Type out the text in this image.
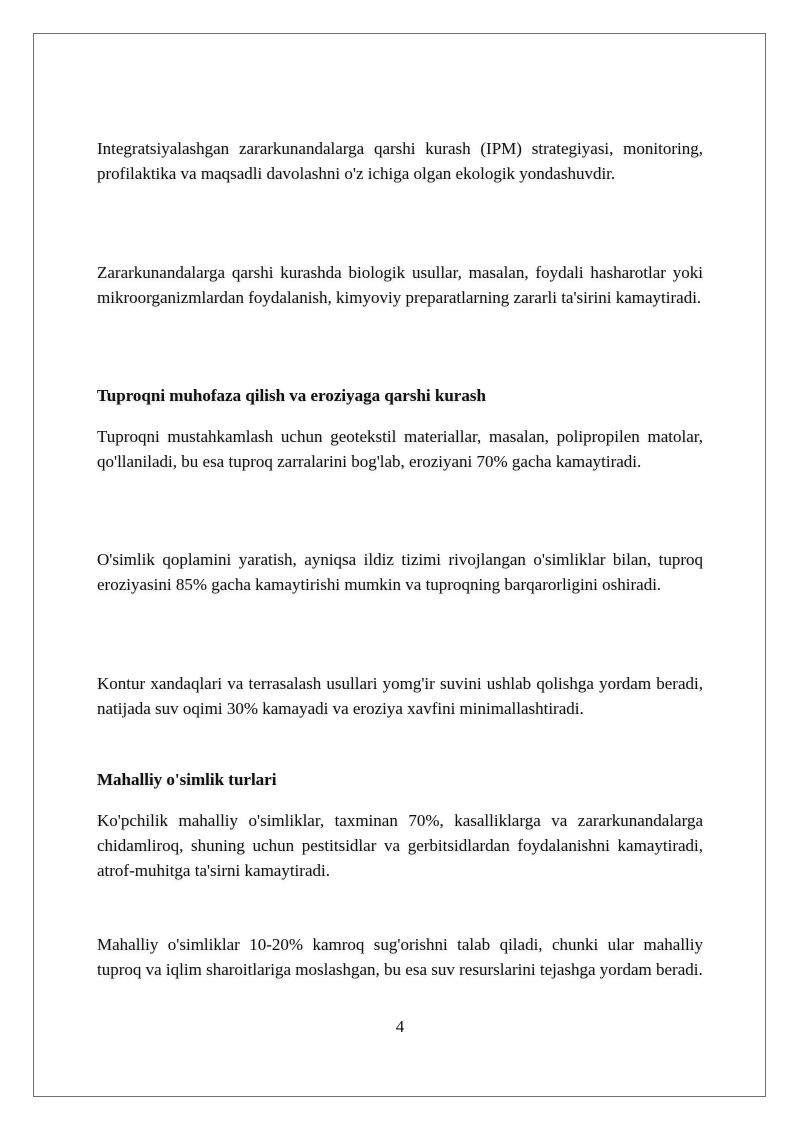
Integratsiyalashgan zararkunandalarga qarshi kurash (IPM) strategiyasi, monitoring, profilaktika va maqsadli davolashni o'z ichiga olgan ekologik yondashuvdir.

Zararkunandalarga qarshi kurashda biologik usullar, masalan, foydali hasharotlar yoki mikroorganizmlardan foydalanish, kimyoviy preparatlarning zararli ta'sirini kamaytiradi.

Tuproqni muhofaza qilish va eroziyaga qarshi kurash

Tuproqni mustahkamlash uchun geotekstil materiallar, masalan, polipropilen matolar, qo'llaniladi, bu esa tuproq zarralarini bog'lab, eroziyani 70% gacha kamaytiradi.

O'simlik qoplamini yaratish, ayniqsa ildiz tizimi rivojlangan o'simliklar bilan, tuproq eroziyasini 85% gacha kamaytirishi mumkin va tuproqning barqarorligini oshiradi.

Kontur xandaqlari va terrasalash usullari yomg'ir suvini ushlab qolishga yordam beradi, natijada suv oqimi 30% kamayadi va eroziya xavfini minimallashtiradi.

Mahalliy o'simlik turlari

Ko'pchilik mahalliy o'simliklar, taxminan 70%, kasalliklarga va zararkunandalarga chidamliroq, shuning uchun pestitsidlar va gerbitsidlardan foydalanishni kamaytiradi, atrof-muhitga ta'sirni kamaytiradi.

Mahalliy o'simliklar 10-20% kamroq sug'orishni talab qiladi, chunki ular mahalliy tuproq va iqlim sharoitlariga moslashgan, bu esa suv resurslarini tejashga yordam beradi.

4
